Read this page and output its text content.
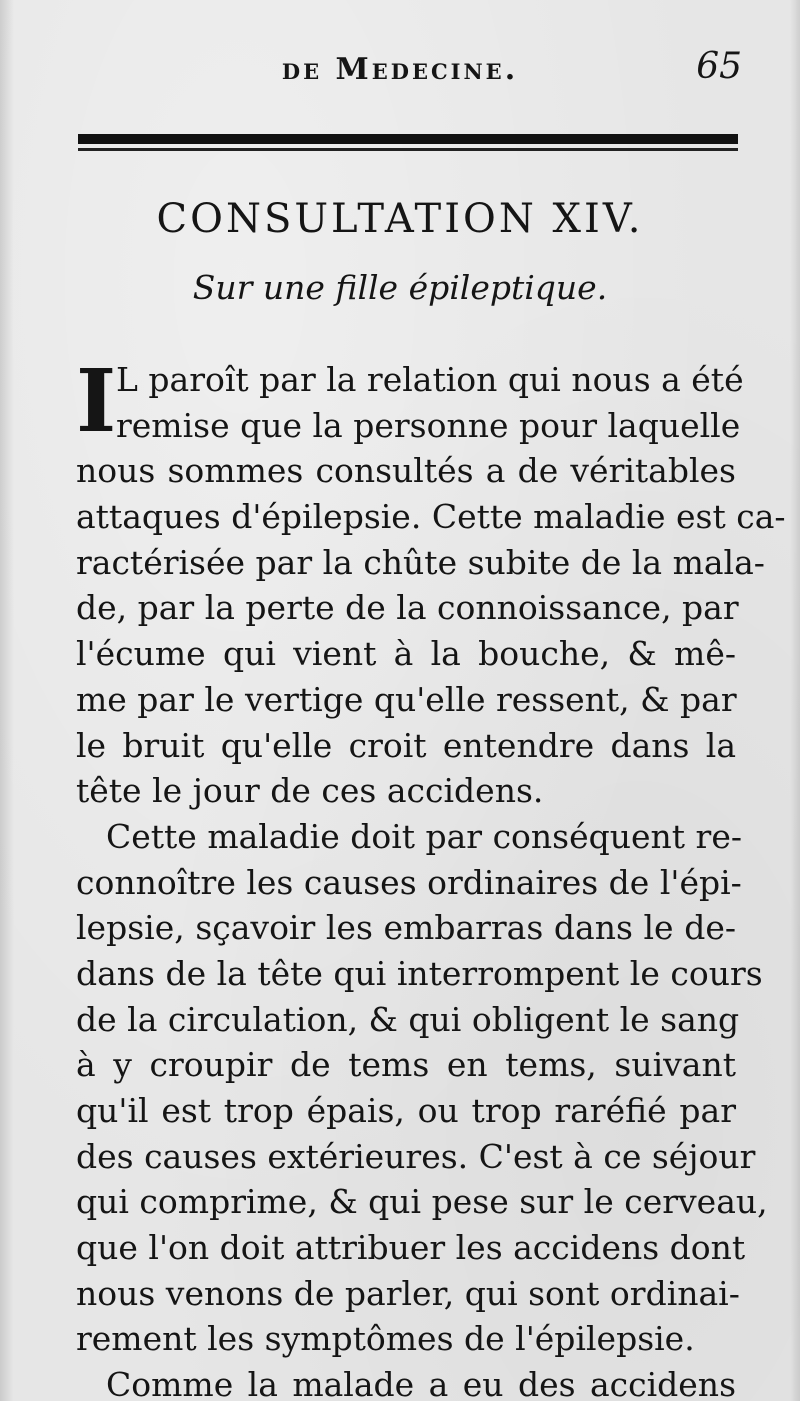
de Medecine.	65
CONSULTATION XIV.
Sur une fille épileptique.
I L paroît par la relation qui nous a été
remise que la personne pour laquelle
nous sommes consultés a de véritables
attaques d'épilepsie. Cette maladie est ca-
ractérisée par la chûte subite de la mala-
de, par la perte de la connoissance, par
l'écume qui vient à la bouche, & mê-
me par le vertige qu'elle ressent, & par
le bruit qu'elle croit entendre dans la
tête le jour de ces accidens.
Cette maladie doit par conséquent re-
connoître les causes ordinaires de l'épi-
lepsie, sçavoir les embarras dans le de-
dans de la tête qui interrompent le cours
de la circulation, & qui obligent le sang
à y croupir de tems en tems, suivant
qu'il est trop épais, ou trop raréfié par
des causes extérieures. C'est à ce séjour
qui comprime, & qui pese sur le cerveau,
que l'on doit attribuer les accidens dont
nous venons de parler, qui sont ordinai-
rement les symptômes de l'épilepsie.
Comme la malade a eu des accidens
